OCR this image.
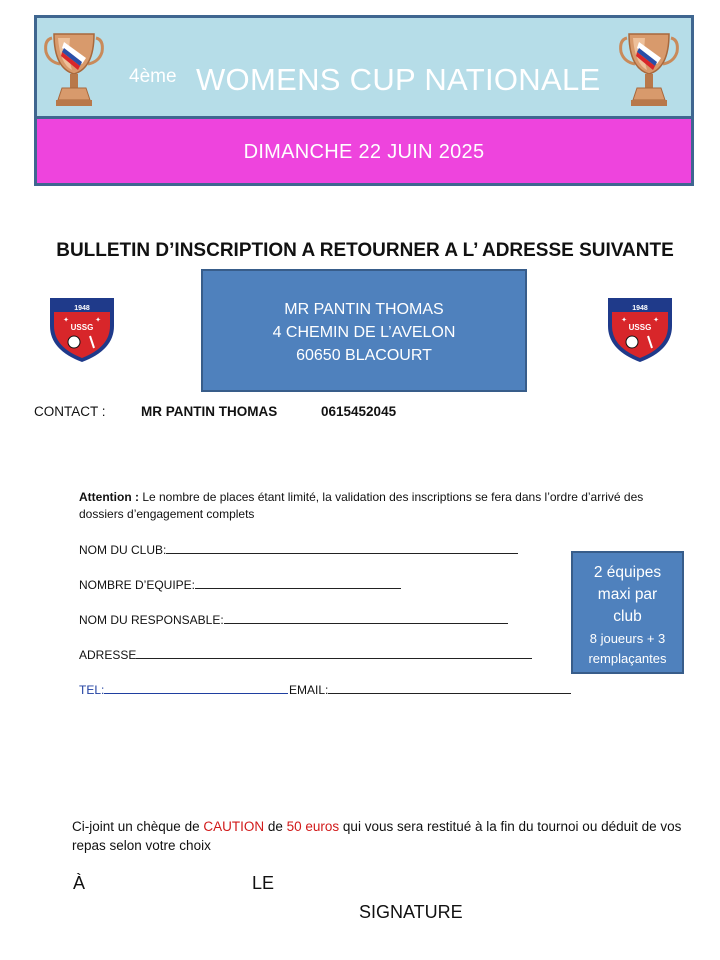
4ème WOMENS CUP NATIONALE
DIMANCHE 22 JUIN 2025
BULLETIN D’INSCRIPTION A RETOURNER A L’ ADRESSE SUIVANTE
1948
✦	✦
USSG
1948
✦	✦
USSG
MR PANTIN THOMAS
4 CHEMIN DE L’AVELON
60650 BLACOURT
CONTACT :	MR PANTIN THOMAS	0615452045
Attention : Le nombre de places étant limité, la validation des inscriptions se fera dans l’ordre d’arrivé des dossiers d’engagement complets
NOM DU CLUB:
NOMBRE D’EQUIPE:
NOM DU RESPONSABLE:
ADRESSE
TEL:	EMAIL:
2 équipes
maxi par
club
8 joueurs + 3
remplaçantes
Ci-joint un chèque de CAUTION de 50 euros qui vous sera restitué à la fin du tournoi ou déduit de vos repas selon votre choix
À	LE
SIGNATURE
